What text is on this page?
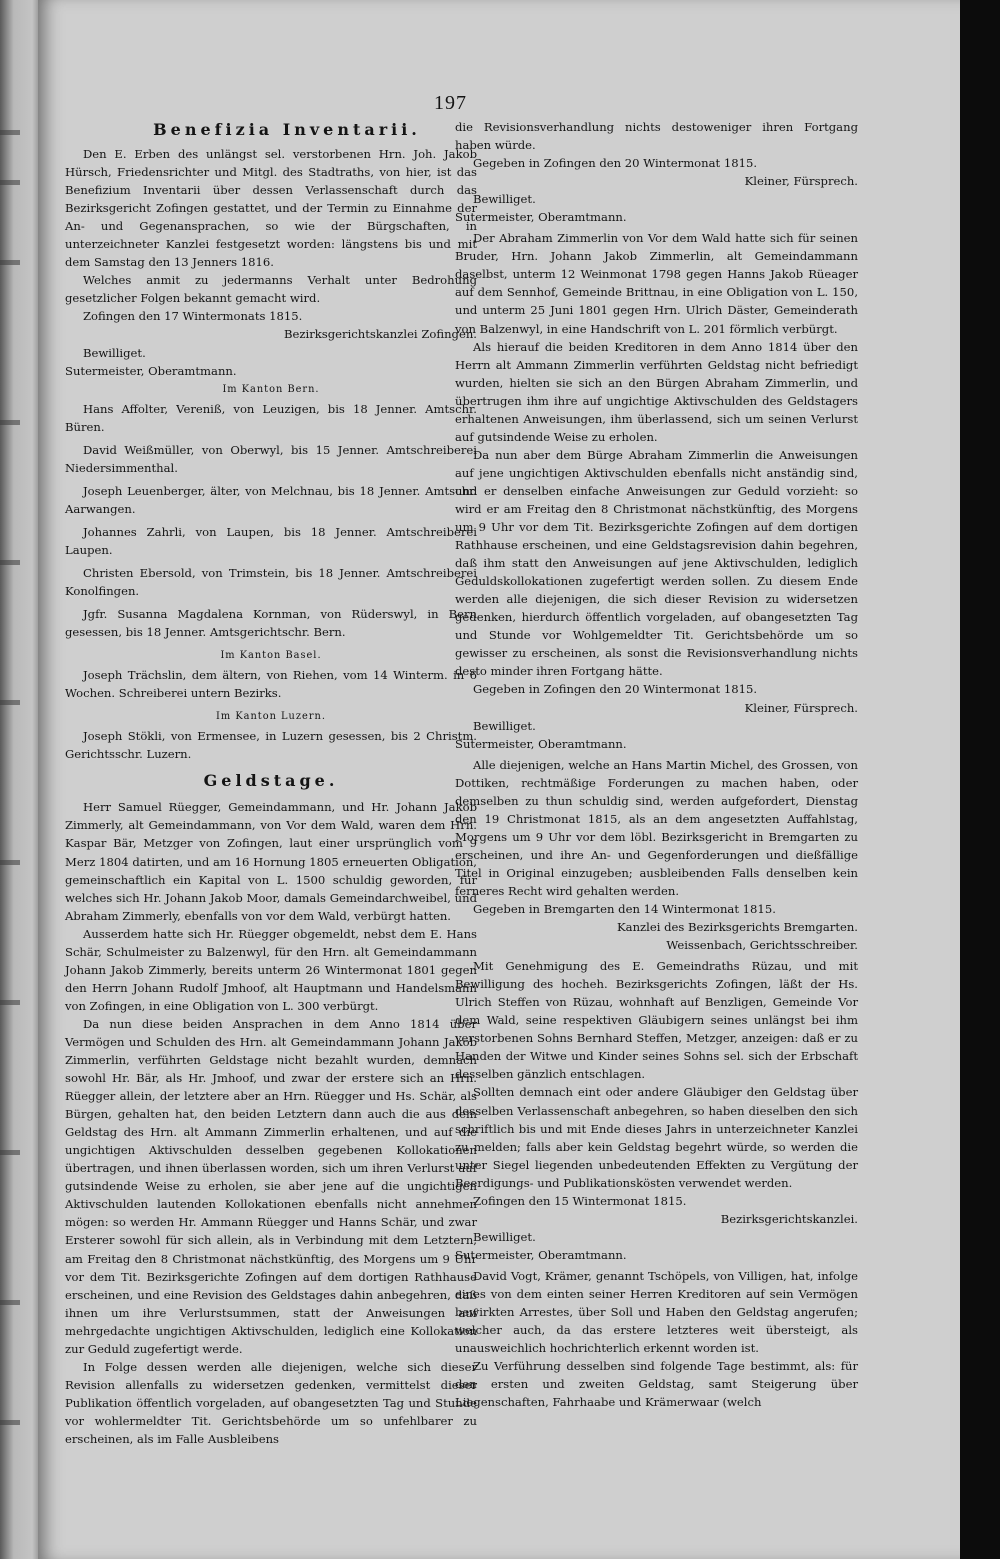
197
Benefizia Inventarii.

Den E. Erben des unlängst sel. verstorbenen Hrn. Joh. Jakob Hürsch, Friedensrichter und Mitgl. des Stadtraths, von hier, ist das Benefizium Inventarii über dessen Verlassenschaft durch das Bezirksgericht Zofingen gestattet, und der Termin zu Einnahme der An- und Gegenansprachen, so wie der Bürgschaften, in unterzeichneter Kanzlei festgesetzt worden: längstens bis und mit dem Samstag den 13 Jenners 1816.

Welches anmit zu jedermanns Verhalt unter Bedrohung gesetzlicher Folgen bekannt gemacht wird.

Zofingen den 17 Wintermonats 1815.

Bezirksgerichtskanzlei Zofingen.

Bewilliget.

Sutermeister, Oberamtmann.

Im Kanton Bern.

Hans Affolter, Vereniß, von Leuzigen, bis 18 Jenner. Amtschr. Büren.

David Weißmüller, von Oberwyl, bis 15 Jenner. Amtschreiberei Niedersimmenthal.

Joseph Leuenberger, älter, von Melchnau, bis 18 Jenner. Amtschr. Aarwangen.

Johannes Zahrli, von Laupen, bis 18 Jenner. Amtschreiberei Laupen.

Christen Ebersold, von Trimstein, bis 18 Jenner. Amtschreiberei Konolfingen.

Jgfr. Susanna Magdalena Kornman, von Rüderswyl, in Bern gesessen, bis 18 Jenner. Amtsgerichtschr. Bern.

Im Kanton Basel.

Joseph Trächslin, dem ältern, von Riehen, vom 14 Winterm. in 6 Wochen. Schreiberei untern Bezirks.

Im Kanton Luzern.

Joseph Stökli, von Ermensee, in Luzern gesessen, bis 2 Christm. Gerichtsschr. Luzern.

Geldstage.

Herr Samuel Rüegger, Gemeindammann, und Hr. Johann Jakob Zimmerly, alt Gemeindammann, von Vor dem Wald, waren dem Hrn. Kaspar Bär, Metzger von Zofingen, laut einer ursprünglich vom 9 Merz 1804 datirten, und am 16 Hornung 1805 erneuerten Obligation, gemeinschaftlich ein Kapital von L. 1500 schuldig geworden, für welches sich Hr. Johann Jakob Moor, damals Gemeindarchweibel, und Abraham Zimmerly, ebenfalls von vor dem Wald, verbürgt hatten.

Ausserdem hatte sich Hr. Rüegger obgemeldt, nebst dem E. Hans Schär, Schulmeister zu Balzenwyl, für den Hrn. alt Gemeindammann Johann Jakob Zimmerly, bereits unterm 26 Wintermonat 1801 gegen den Herrn Johann Rudolf Jmhoof, alt Hauptmann und Handelsmann von Zofingen, in eine Obligation von L. 300 verbürgt.

Da nun diese beiden Ansprachen in dem Anno 1814 über Vermögen und Schulden des Hrn. alt Gemeindammann Johann Jakob Zimmerlin, verführten Geldstage nicht bezahlt wurden, demnach sowohl Hr. Bär, als Hr. Jmhoof, und zwar der erstere sich an Hrn. Rüegger allein, der letztere aber an Hrn. Rüegger und Hs. Schär, als Bürgen, gehalten hat, den beiden Letztern dann auch die aus dem Geldstag des Hrn. alt Ammann Zimmerlin erhaltenen, und auf die ungichtigen Aktivschulden desselben gegebenen Kollokationen übertragen, und ihnen überlassen worden, sich um ihren Verlurst auf gutsindende Weise zu erholen, sie aber jene auf die ungichtigen Aktivschulden lautenden Kollokationen ebenfalls nicht annehmen mögen: so werden Hr. Ammann Rüegger und Hanns Schär, und zwar Ersterer sowohl für sich allein, als in Verbindung mit dem Letztern, am Freitag den 8 Christmonat nächstkünftig, des Morgens um 9 Uhr vor dem Tit. Bezirksgerichte Zofingen auf dem dortigen Rathhause erscheinen, und eine Revision des Geldstages dahin anbegehren, daß ihnen um ihre Verlurstsummen, statt der Anweisungen auf mehrgedachte ungichtigen Aktivschulden, lediglich eine Kollokation zur Geduld zugefertigt werde.

In Folge dessen werden alle diejenigen, welche sich dieser Revision allenfalls zu widersetzen gedenken, vermittelst dieser Publikation öffentlich vorgeladen, auf obangesetzten Tag und Stunde vor wohlermeldter Tit. Gerichtsbehörde um so unfehlbarer zu erscheinen, als im Falle Ausbleibens

die Revisionsverhandlung nichts destoweniger ihren Fortgang haben würde.

Gegeben in Zofingen den 20 Wintermonat 1815.

Kleiner, Fürsprech.

Bewilliget.

Sutermeister, Oberamtmann.

Der Abraham Zimmerlin von Vor dem Wald hatte sich für seinen Bruder, Hrn. Johann Jakob Zimmerlin, alt Gemeindammann daselbst, unterm 12 Weinmonat 1798 gegen Hanns Jakob Rüeager auf dem Sennhof, Gemeinde Brittnau, in eine Obligation von L. 150, und unterm 25 Juni 1801 gegen Hrn. Ulrich Däster, Gemeinderath von Balzenwyl, in eine Handschrift von L. 201 förmlich verbürgt.

Als hierauf die beiden Kreditoren in dem Anno 1814 über den Herrn alt Ammann Zimmerlin verführten Geldstag nicht befriedigt wurden, hielten sie sich an den Bürgen Abraham Zimmerlin, und übertrugen ihm ihre auf ungichtige Aktivschulden des Geldstagers erhaltenen Anweisungen, ihm überlassend, sich um seinen Verlurst auf gutsindende Weise zu erholen.

Da nun aber dem Bürge Abraham Zimmerlin die Anweisungen auf jene ungichtigen Aktivschulden ebenfalls nicht anständig sind, und er denselben einfache Anweisungen zur Geduld vorzieht: so wird er am Freitag den 8 Christmonat nächstkünftig, des Morgens um 9 Uhr vor dem Tit. Bezirksgerichte Zofingen auf dem dortigen Rathhause erscheinen, und eine Geldstagsrevision dahin begehren, daß ihm statt den Anweisungen auf jene Aktivschulden, lediglich Geduldskollokationen zugefertigt werden sollen. Zu diesem Ende werden alle diejenigen, die sich dieser Revision zu widersetzen gedenken, hierdurch öffentlich vorgeladen, auf obangesetzten Tag und Stunde vor Wohlgemeldter Tit. Gerichtsbehörde um so gewisser zu erscheinen, als sonst die Revisionsverhandlung nichts desto minder ihren Fortgang hätte.

Gegeben in Zofingen den 20 Wintermonat 1815.

Kleiner, Fürsprech.

Bewilliget.

Sutermeister, Oberamtmann.

Alle diejenigen, welche an Hans Martin Michel, des Grossen, von Dottiken, rechtmäßige Forderungen zu machen haben, oder demselben zu thun schuldig sind, werden aufgefordert, Dienstag den 19 Christmonat 1815, als an dem angesetzten Auffahlstag, Morgens um 9 Uhr vor dem löbl. Bezirksgericht in Bremgarten zu erscheinen, und ihre An- und Gegenforderungen und dießfällige Titel in Original einzugeben; ausbleibenden Falls denselben kein ferneres Recht wird gehalten werden.

Gegeben in Bremgarten den 14 Wintermonat 1815.

Kanzlei des Bezirksgerichts Bremgarten.

Weissenbach, Gerichtsschreiber.

Mit Genehmigung des E. Gemeindraths Rüzau, und mit Bewilligung des hocheh. Bezirksgerichts Zofingen, läßt der Hs. Ulrich Steffen von Rüzau, wohnhaft auf Benzligen, Gemeinde Vor dem Wald, seine respektiven Gläubigern seines unlängst bei ihm verstorbenen Sohns Bernhard Steffen, Metzger, anzeigen: daß er zu Handen der Witwe und Kinder seines Sohns sel. sich der Erbschaft desselben gänzlich entschlagen.

Sollten demnach eint oder andere Gläubiger den Geldstag über desselben Verlassenschaft anbegehren, so haben dieselben den sich schriftlich bis und mit Ende dieses Jahrs in unterzeichneter Kanzlei zu melden; falls aber kein Geldstag begehrt würde, so werden die unter Siegel liegenden unbedeutenden Effekten zu Vergütung der Beerdigungs- und Publikationskösten verwendet werden.

Zofingen den 15 Wintermonat 1815.

Bezirksgerichtskanzlei.

Bewilliget.

Sutermeister, Oberamtmann.

David Vogt, Krämer, genannt Tschöpels, von Villigen, hat, infolge eines von dem einten seiner Herren Kreditoren auf sein Vermögen bewirkten Arrestes, über Soll und Haben den Geldstag angerufen; welcher auch, da das erstere letzteres weit übersteigt, als unausweichlich hochrichterlich erkennt worden ist.

Zu Verführung desselben sind folgende Tage bestimmt, als: für den ersten und zweiten Geldstag, samt Steigerung über Liegenschaften, Fahrhaabe und Krämerwaar (welch
